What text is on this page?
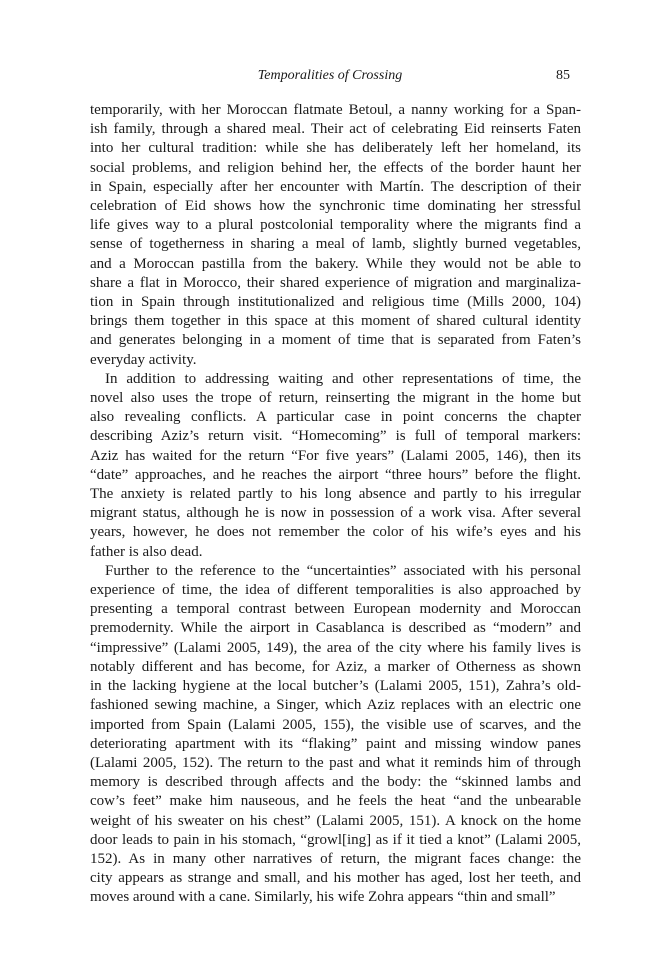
Temporalities of Crossing	85

temporarily, with her Moroccan flatmate Betoul, a nanny working for a Span-
ish family, through a shared meal. Their act of celebrating Eid reinserts Faten
into her cultural tradition: while she has deliberately left her homeland, its
social problems, and religion behind her, the effects of the border haunt her
in Spain, especially after her encounter with Martín. The description of their
celebration of Eid shows how the synchronic time dominating her stressful
life gives way to a plural postcolonial temporality where the migrants find a
sense of togetherness in sharing a meal of lamb, slightly burned vegetables,
and a Moroccan pastilla from the bakery. While they would not be able to
share a flat in Morocco, their shared experience of migration and marginaliza-
tion in Spain through institutionalized and religious time (Mills 2000, 104)
brings them together in this space at this moment of shared cultural identity
and generates belonging in a moment of time that is separated from Faten’s
everyday activity.

In addition to addressing waiting and other representations of time, the
novel also uses the trope of return, reinserting the migrant in the home but
also revealing conflicts. A particular case in point concerns the chapter
describing Aziz’s return visit. “Homecoming” is full of temporal markers:
Aziz has waited for the return “For five years” (Lalami 2005, 146), then its
“date” approaches, and he reaches the airport “three hours” before the flight.
The anxiety is related partly to his long absence and partly to his irregular
migrant status, although he is now in possession of a work visa. After several
years, however, he does not remember the color of his wife’s eyes and his
father is also dead.

Further to the reference to the “uncertainties” associated with his personal
experience of time, the idea of different temporalities is also approached by
presenting a temporal contrast between European modernity and Moroccan
premodernity. While the airport in Casablanca is described as “modern” and
“impressive” (Lalami 2005, 149), the area of the city where his family lives is
notably different and has become, for Aziz, a marker of Otherness as shown
in the lacking hygiene at the local butcher’s (Lalami 2005, 151), Zahra’s old-
fashioned sewing machine, a Singer, which Aziz replaces with an electric one
imported from Spain (Lalami 2005, 155), the visible use of scarves, and the
deteriorating apartment with its “flaking” paint and missing window panes
(Lalami 2005, 152). The return to the past and what it reminds him of through
memory is described through affects and the body: the “skinned lambs and
cow’s feet” make him nauseous, and he feels the heat “and the unbearable
weight of his sweater on his chest” (Lalami 2005, 151). A knock on the home
door leads to pain in his stomach, “growl[ing] as if it tied a knot” (Lalami 2005,
152). As in many other narratives of return, the migrant faces change: the
city appears as strange and small, and his mother has aged, lost her teeth, and
moves around with a cane. Similarly, his wife Zohra appears “thin and small”
